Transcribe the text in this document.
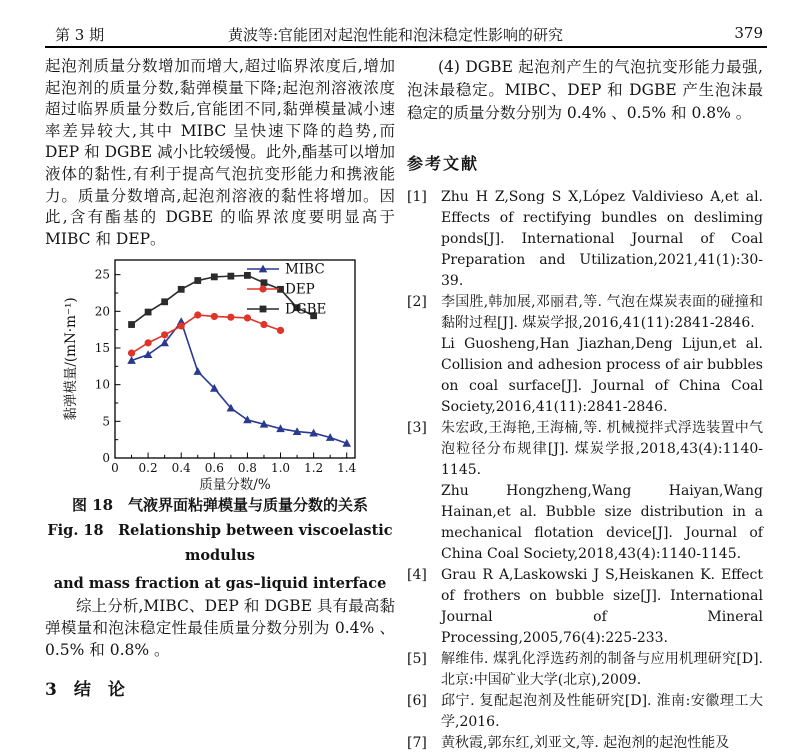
第 3 期	黄波等:官能团对起泡性能和泡沫稳定性影响的研究	379

起泡剂质量分数增加而增大,超过临界浓度后,增加起泡剂的质量分数,黏弹模量下降;起泡剂溶液浓度超过临界质量分数后,官能团不同,黏弹模量减小速率差异较大,其中 MIBC 呈快速下降的趋势,而 DEP 和 DGBE 减小比较缓慢。此外,酯基可以增加液体的黏性,有利于提高气泡抗变形能力和携液能力。质量分数增高,起泡剂溶液的黏性将增加。因此,含有酯基的 DGBE 的临界浓度要明显高于 MIBC 和 DEP。

0 0.2 0.4 0.6 0.8 1.0 1.2 1.4
0
5
10
15
20
25
质量分数/%
黏弹模量/(mN·m⁻¹)
MIBC
DEP
DGBE
图 18　气液界面粘弹模量与质量分数的关系
Fig. 18　Relationship between viscoelastic modulus
and mass fraction at gas–liquid interface

综上分析,MIBC、DEP 和 DGBE 具有最高黏弹模量和泡沫稳定性最佳质量分数分别为 0.4% 、0.5% 和 0.8% 。

3　结　论

(4) DGBE 起泡剂产生的气泡抗变形能力最强,泡沫最稳定。MIBC、DEP 和 DGBE 产生泡沫最稳定的质量分数分别为 0.4% 、0.5% 和 0.8% 。

参考文献
[1]	Zhu H Z,Song S X,López Valdivieso A,et al. Effects of rectifying bundles on desliming ponds[J]. International Journal of Coal Preparation and Utilization,2021,41(1):30-39.
[2]	李国胜,韩加展,邓丽君,等. 气泡在煤炭表面的碰撞和黏附过程[J]. 煤炭学报,2016,41(11):2841-2846.
Li Guosheng,Han Jiazhan,Deng Lijun,et al. Collision and adhesion process of air bubbles on coal surface[J]. Journal of China Coal Society,2016,41(11):2841-2846.
[3]	朱宏政,王海艳,王海楠,等. 机械搅拌式浮选装置中气泡粒径分布规律[J]. 煤炭学报,2018,43(4):1140-1145.
Zhu Hongzheng,Wang Haiyan,Wang Hainan,et al. Bubble size distribution in a mechanical flotation device[J]. Journal of China Coal Society,2018,43(4):1140-1145.
[4]	Grau R A,Laskowski J S,Heiskanen K. Effect of frothers on bubble size[J]. International Journal of Mineral Processing,2005,76(4):225-233.
[5]	解维伟. 煤乳化浮选药剂的制备与应用机理研究[D]. 北京:中国矿业大学(北京),2009.
[6]	邱宁. 复配起泡剂及性能研究[D]. 淮南:安徽理工大学,2016.
[7]	黄秋霞,郭东红,刘亚文,等. 起泡剂的起泡性能及
